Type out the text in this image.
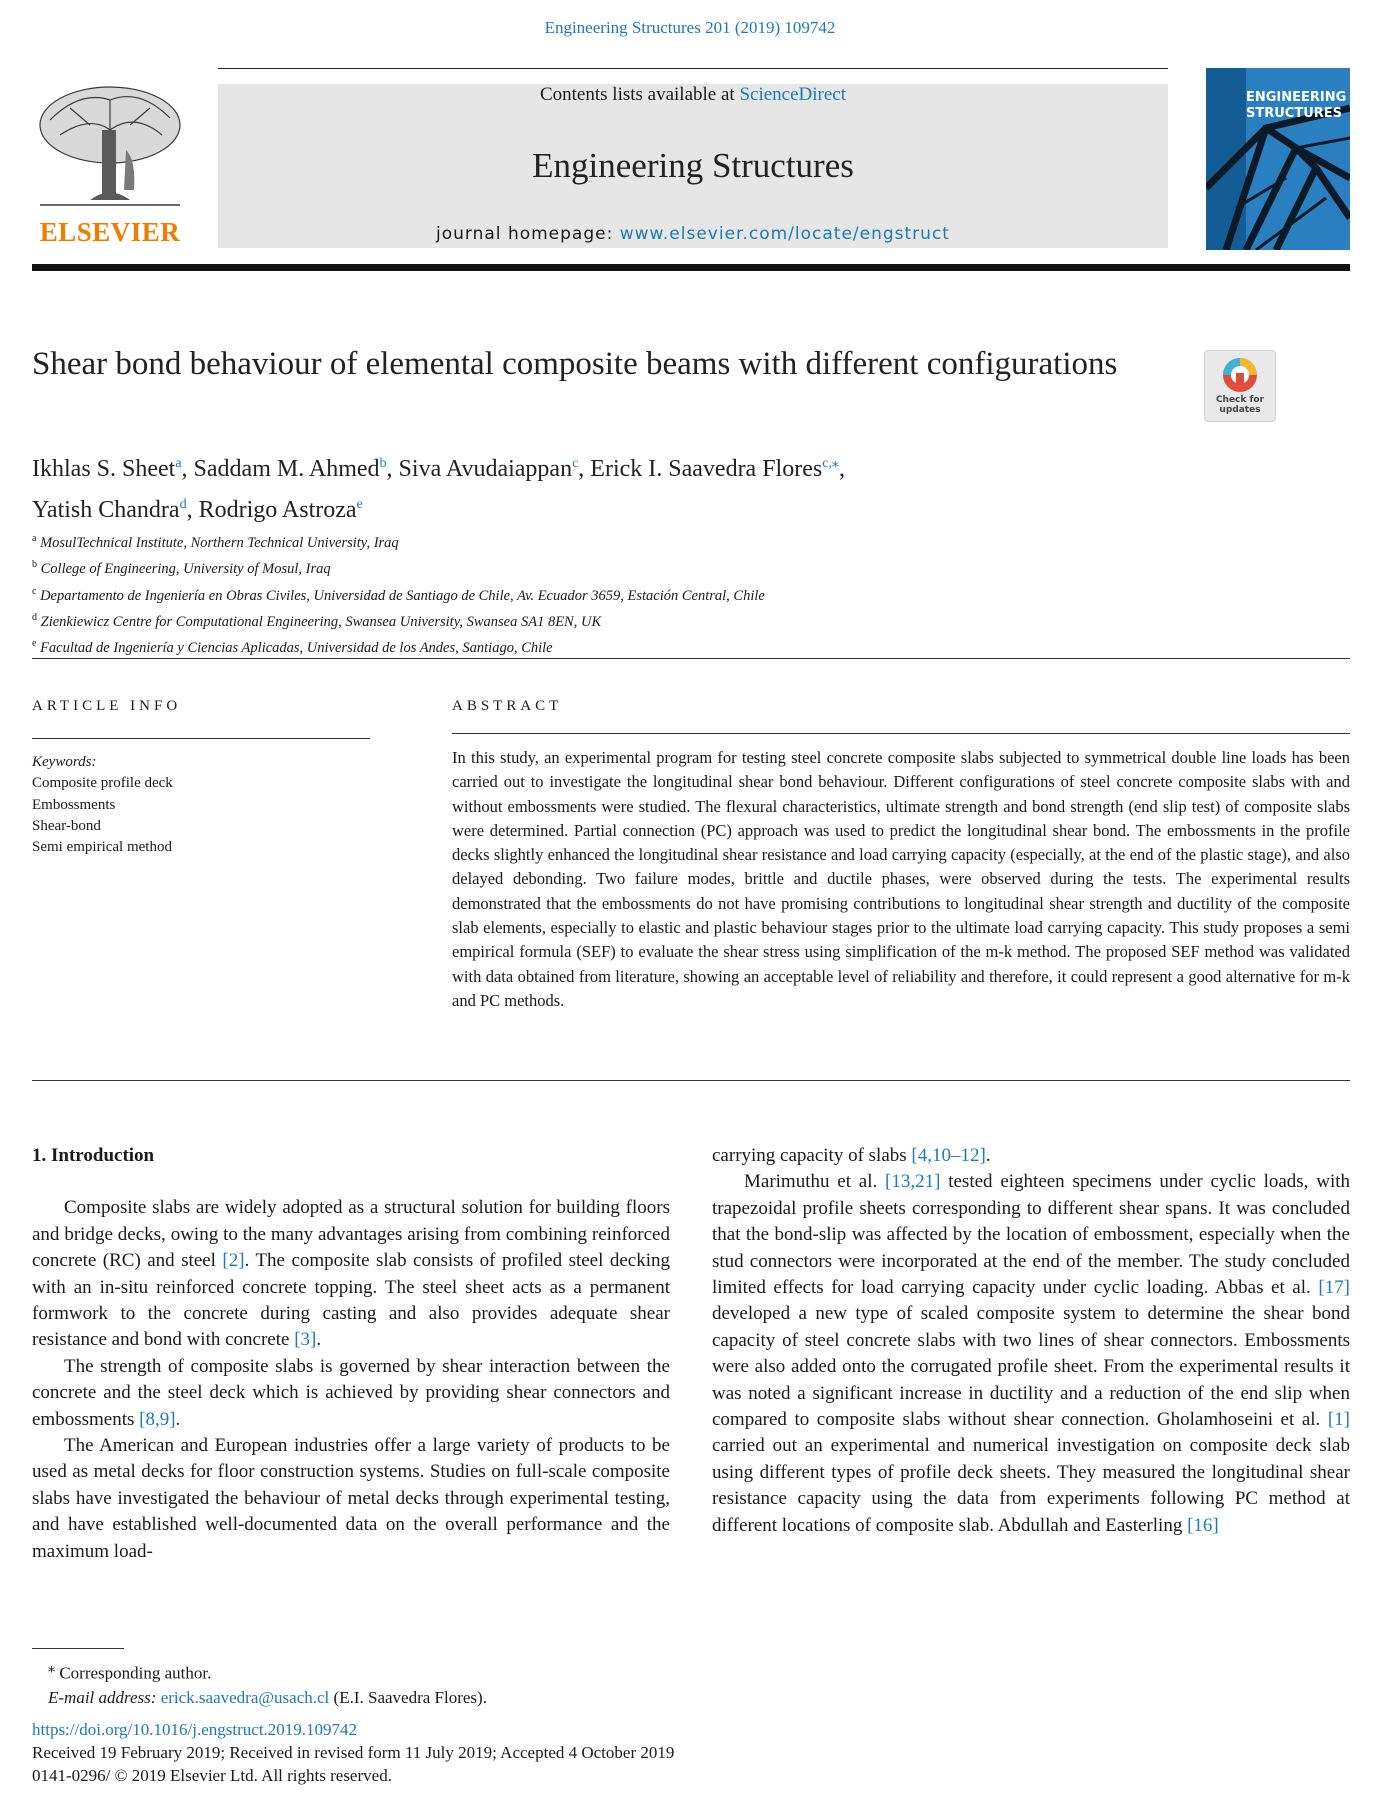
Engineering Structures 201 (2019) 109742
ELSEVIER
Contents lists available at ScienceDirect
Engineering Structures
journal homepage: www.elsevier.com/locate/engstruct
ENGINEERING
STRUCTURES
Shear bond behaviour of elemental composite beams with different configurations
Check for
updates
Ikhlas S. Sheet$^a$, Saddam M. Ahmed$^b$, Siva Avudaiappan$^c$, Erick I. Saavedra Flores$^{c,⁎}$,
Yatish Chandra$^d$, Rodrigo Astroza$^e$
$^a$ MosulTechnical Institute, Northern Technical University, Iraq
$^b$ College of Engineering, University of Mosul, Iraq
$^c$ Departamento de Ingeniería en Obras Civiles, Universidad de Santiago de Chile, Av. Ecuador 3659, Estación Central, Chile
$^d$ Zienkiewicz Centre for Computational Engineering, Swansea University, Swansea SA1 8EN, UK
$^e$ Facultad de Ingeniería y Ciencias Aplicadas, Universidad de los Andes, Santiago, Chile
ARTICLE INFO
Keywords:
Composite profile deck
Embossments
Shear-bond
Semi empirical method
ABSTRACT
In this study, an experimental program for testing steel concrete composite slabs subjected to symmetrical double line loads has been carried out to investigate the longitudinal shear bond behaviour. Different configurations of steel concrete composite slabs with and without embossments were studied. The flexural characteristics, ultimate strength and bond strength (end slip test) of composite slabs were determined. Partial connection (PC) approach was used to predict the longitudinal shear bond. The embossments in the profile decks slightly enhanced the longitudinal shear resistance and load carrying capacity (especially, at the end of the plastic stage), and also delayed debonding. Two failure modes, brittle and ductile phases, were observed during the tests. The experimental results demonstrated that the embossments do not have promising contributions to longitudinal shear strength and ductility of the composite slab elements, especially to elastic and plastic behaviour stages prior to the ultimate load carrying capacity. This study proposes a semi empirical formula (SEF) to evaluate the shear stress using simplification of the m-k method. The proposed SEF method was validated with data obtained from literature, showing an acceptable level of reliability and therefore, it could represent a good alternative for m-k and PC methods.

1. Introduction

Composite slabs are widely adopted as a structural solution for building floors and bridge decks, owing to the many advantages arising from combining reinforced concrete (RC) and steel [2]. The composite slab consists of profiled steel decking with an in-situ reinforced concrete topping. The steel sheet acts as a permanent formwork to the concrete during casting and also provides adequate shear resistance and bond with concrete [3].

The strength of composite slabs is governed by shear interaction between the concrete and the steel deck which is achieved by providing shear connectors and embossments [8,9].

The American and European industries offer a large variety of products to be used as metal decks for floor construction systems. Studies on full-scale composite slabs have investigated the behaviour of metal decks through experimental testing, and have established well-documented data on the overall performance and the maximum load-

carrying capacity of slabs [4,10–12].

Marimuthu et al. [13,21] tested eighteen specimens under cyclic loads, with trapezoidal profile sheets corresponding to different shear spans. It was concluded that the bond-slip was affected by the location of embossment, especially when the stud connectors were incorporated at the end of the member. The study concluded limited effects for load carrying capacity under cyclic loading. Abbas et al. [17] developed a new type of scaled composite system to determine the shear bond capacity of steel concrete slabs with two lines of shear connectors. Embossments were also added onto the corrugated profile sheet. From the experimental results it was noted a significant increase in ductility and a reduction of the end slip when compared to composite slabs without shear connection. Gholamhoseini et al. [1] carried out an experimental and numerical investigation on composite deck slab using different types of profile deck sheets. They measured the longitudinal shear resistance capacity using the data from experiments following PC method at different locations of composite slab. Abdullah and Easterling [16]

⁎ Corresponding author.
E-mail address: erick.saavedra@usach.cl (E.I. Saavedra Flores).
https://doi.org/10.1016/j.engstruct.2019.109742
Received 19 February 2019; Received in revised form 11 July 2019; Accepted 4 October 2019
0141-0296/ © 2019 Elsevier Ltd. All rights reserved.
